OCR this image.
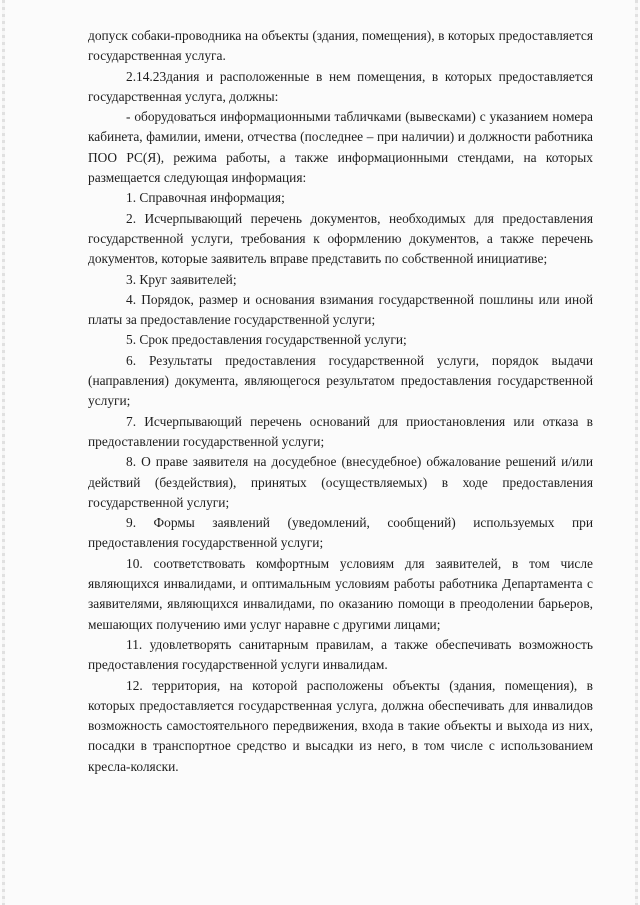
допуск собаки-проводника на объекты (здания, помещения), в которых предоставляется государственная услуга.

2.14.23дания и расположенные в нем помещения, в которых предоставляется государственная услуга, должны:

- оборудоваться информационными табличками (вывесками) с указанием номера кабинета, фамилии, имени, отчества (последнее – при наличии) и должности работника ПОО РС(Я), режима работы, а также информационными стендами, на которых размещается следующая информация:

1. Справочная информация;

2. Исчерпывающий перечень документов, необходимых для предоставления государственной услуги, требования к оформлению документов, а также перечень документов, которые заявитель вправе представить по собственной инициативе;

3. Круг заявителей;

4. Порядок, размер и основания взимания государственной пошлины или иной платы за предоставление государственной услуги;

5. Срок предоставления государственной услуги;

6. Результаты предоставления государственной услуги, порядок выдачи (направления) документа, являющегося результатом предоставления государственной услуги;

7. Исчерпывающий перечень оснований для приостановления или отказа в предоставлении государственной услуги;

8. О праве заявителя на досудебное (внесудебное) обжалование решений и/или действий (бездействия), принятых (осуществляемых) в ходе предоставления государственной услуги;

9. Формы заявлений (уведомлений, сообщений) используемых при предоставления государственной услуги;

10. соответствовать комфортным условиям для заявителей, в том числе являющихся инвалидами, и оптимальным условиям работы работника Департамента с заявителями, являющихся инвалидами, по оказанию помощи в преодолении барьеров, мешающих получению ими услуг наравне с другими лицами;

11. удовлетворять санитарным правилам, а также обеспечивать возможность предоставления государственной услуги инвалидам.

12. территория, на которой расположены объекты (здания, помещения), в которых предоставляется государственная услуга, должна обеспечивать для инвалидов возможность самостоятельного передвижения, входа в такие объекты и выхода из них, посадки в транспортное средство и высадки из него, в том числе с использованием кресла-коляски.
